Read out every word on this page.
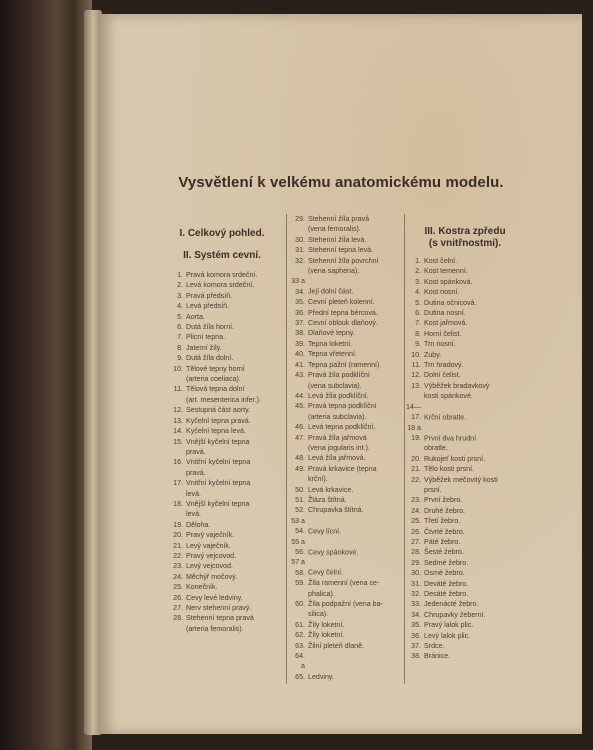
Vysvětlení k velkému anatomickému modelu.
I. Celkový pohled.
II. Systém cevní.
1. Pravá komora srdeční.
2. Levá komora srdeční.
3. Pravá předsíň.
4. Levá předsíň.
5. Aorta.
6. Dutá žíla horní.
7. Plicní tepna.
8. Jaterní žíly.
9. Dutá žíla dolní.
10. Tělové tepny horní
(arteria coeliaca).
11. Tělová tepna dolní
(art. mesenterica infer.).
12. Sestupná část aorty.
13. Kyčelní tepna pravá.
14. Kyčelní tepna levá.
15. Vnější kyčelní tepna
pravá.
16. Vnitřní kyčelní tepna
pravá.
17. Vnitřní kyčelní tepna
levá.
18. Vnější kyčelní tepna
levá.
19. Děloha.
20. Pravý vaječník.
21. Levý vaječník.
22. Pravý vejcovod.
23. Levý vejcovod.
24. Měchýř močový.
25. Konečník.
26. Cevy levé ledviny.
27. Nerv stehenní pravý.
28. Stehenní tepna pravá
(arteria femoralis).
29. Stehenní žíla pravá
(vena femoralis).
30. Stehenní žíla levá.
31. Stehenní tepna levá.
32. Stehenní žíla povrchní
(vena saphena).
33 a 34. Její dolní část.
35. Cevní pleteň kolenní.
36. Přední tepna bércová.
37. Cevní oblouk dlaňový.
38. Dlaňové tepny.
39. Tepna loketní.
40. Tepna vřetenní.
41. Tepna pažní (ramenní).
43. Pravá žíla podklíční
(vena subclavia).
44. Levá žíla podklíční.
45. Pravá tepna podklíční
(arteria subclavia).
46. Levá tepna podklíční.
47. Pravá žíla jařmová
(vena jogularis int.).
48. Levá žíla jařmová.
49. Pravá krkavice (tepna
krční).
50. Levá krkavice.
51. Žláza štítná.
52. Chrupavka štítná.
53 a 54. Cevy lícní.
55 a 56. Cevy spánkové.
57 a 58. Cevy čelní.
59. Žíla ramenní (vena ce-
phalica).
60. Žíla podpažní (vena ba-
silica).
61. Žíly loketní.
62. Žíly loketní.
63. Žilní pleteň dlaně.
64. a 65. Ledviny.
III. Kostra zpředu
(s vnitřnostmi).
1. Kost čelní.
2. Kost temenní.
3. Kost spánková.
4. Kost nosní.
5. Dutina očnicová.
6. Dutina nosní.
7. Kost jařmová.
8. Horní čelist.
9. Trn nosní.
10. Zuby.
11. Trn hradový.
12. Dolní čelist.
13. Výběžek bradavkový
kosti spánkové.
14—17. Krční obratle.
18 a 19. První dva hrudní
obratle.
20. Rukojeť kosti prsní.
21. Tělo kosti prsní.
22. Výběžek mečovitý kosti
prsní.
23. První žebro.
24. Druhé žebro.
25. Třetí žebro.
26. Čtvrté žebro.
27. Páté žebro.
28. Šesté žebro.
29. Sedmé žebro.
30. Osmé žebro.
31. Deváté žebro.
32. Desáté žebro.
33. Jedenácté žebro.
34. Chrupavky žeberní.
35. Pravý lalok plic.
36. Levý lalok plic.
37. Srdce.
38. Bránice.
